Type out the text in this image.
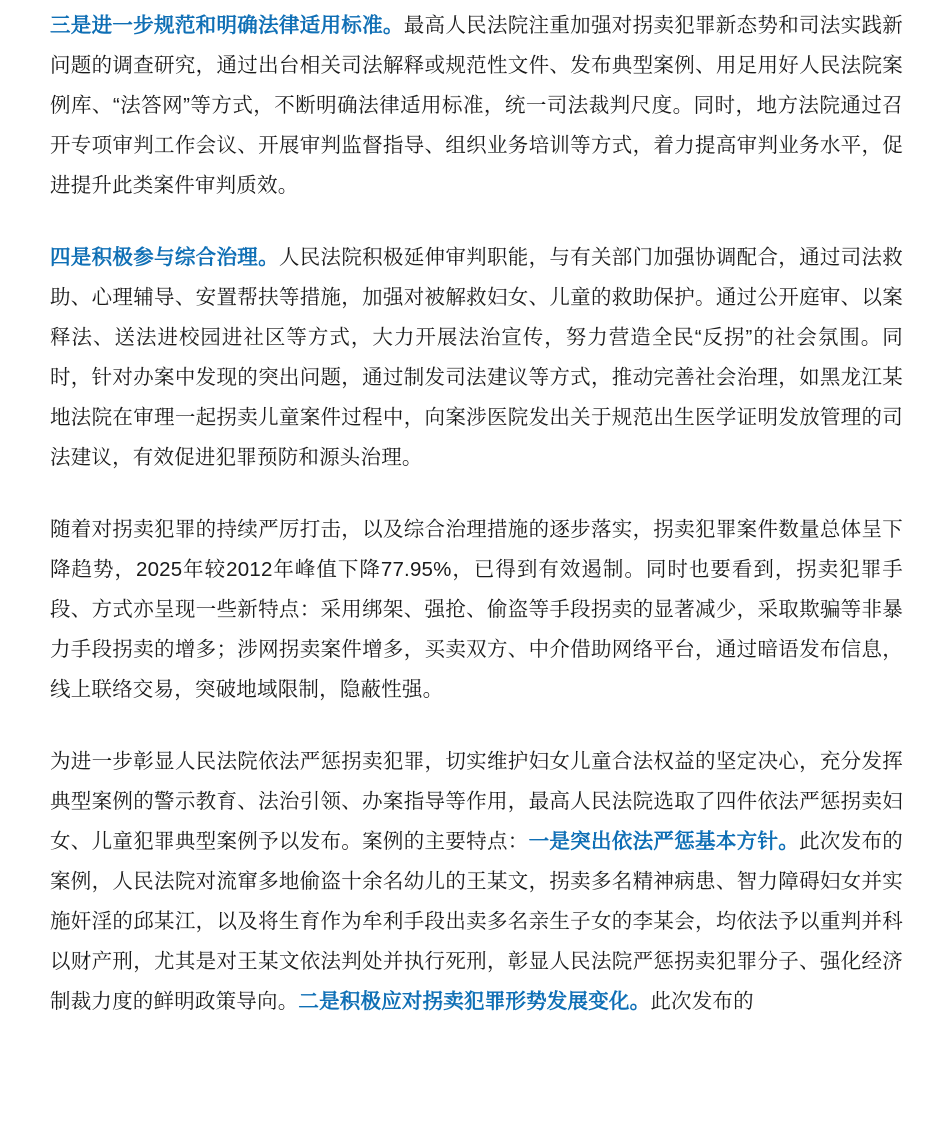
三是进一步规范和明确法律适用标准。最高人民法院注重加强对拐卖犯罪新态势和司法实践新问题的调查研究，通过出台相关司法解释或规范性文件、发布典型案例、用足用好人民法院案例库、“法答网”等方式，不断明确法律适用标准，统一司法裁判尺度。同时，地方法院通过召开专项审判工作会议、开展审判监督指导、组织业务培训等方式，着力提高审判业务水平，促进提升此类案件审判质效。

四是积极参与综合治理。人民法院积极延伸审判职能，与有关部门加强协调配合，通过司法救助、心理辅导、安置帮扶等措施，加强对被解救妇女、儿童的救助保护。通过公开庭审、以案释法、送法进校园进社区等方式，大力开展法治宣传，努力营造全民“反拐”的社会氛围。同时，针对办案中发现的突出问题，通过制发司法建议等方式，推动完善社会治理，如黑龙江某地法院在审理一起拐卖儿童案件过程中，向案涉医院发出关于规范出生医学证明发放管理的司法建议，有效促进犯罪预防和源头治理。

随着对拐卖犯罪的持续严厉打击，以及综合治理措施的逐步落实，拐卖犯罪案件数量总体呈下降趋势，2025年较2012年峰值下降77.95%，已得到有效遏制。同时也要看到，拐卖犯罪手段、方式亦呈现一些新特点：采用绑架、强抢、偷盗等手段拐卖的显著减少，采取欺骗等非暴力手段拐卖的增多；涉网拐卖案件增多，买卖双方、中介借助网络平台，通过暗语发布信息，线上联络交易，突破地域限制，隐蔽性强。

为进一步彰显人民法院依法严惩拐卖犯罪，切实维护妇女儿童合法权益的坚定决心，充分发挥典型案例的警示教育、法治引领、办案指导等作用，最高人民法院选取了四件依法严惩拐卖妇女、儿童犯罪典型案例予以发布。案例的主要特点：一是突出依法严惩基本方针。此次发布的案例，人民法院对流窜多地偷盗十余名幼儿的王某文，拐卖多名精神病患、智力障碍妇女并实施奸淫的邱某江，以及将生育作为牟利手段出卖多名亲生子女的李某会，均依法予以重判并科以财产刑，尤其是对王某文依法判处并执行死刑，彰显人民法院严惩拐卖犯罪分子、强化经济制裁力度的鲜明政策导向。二是积极应对拐卖犯罪形势发展变化。此次发布的
